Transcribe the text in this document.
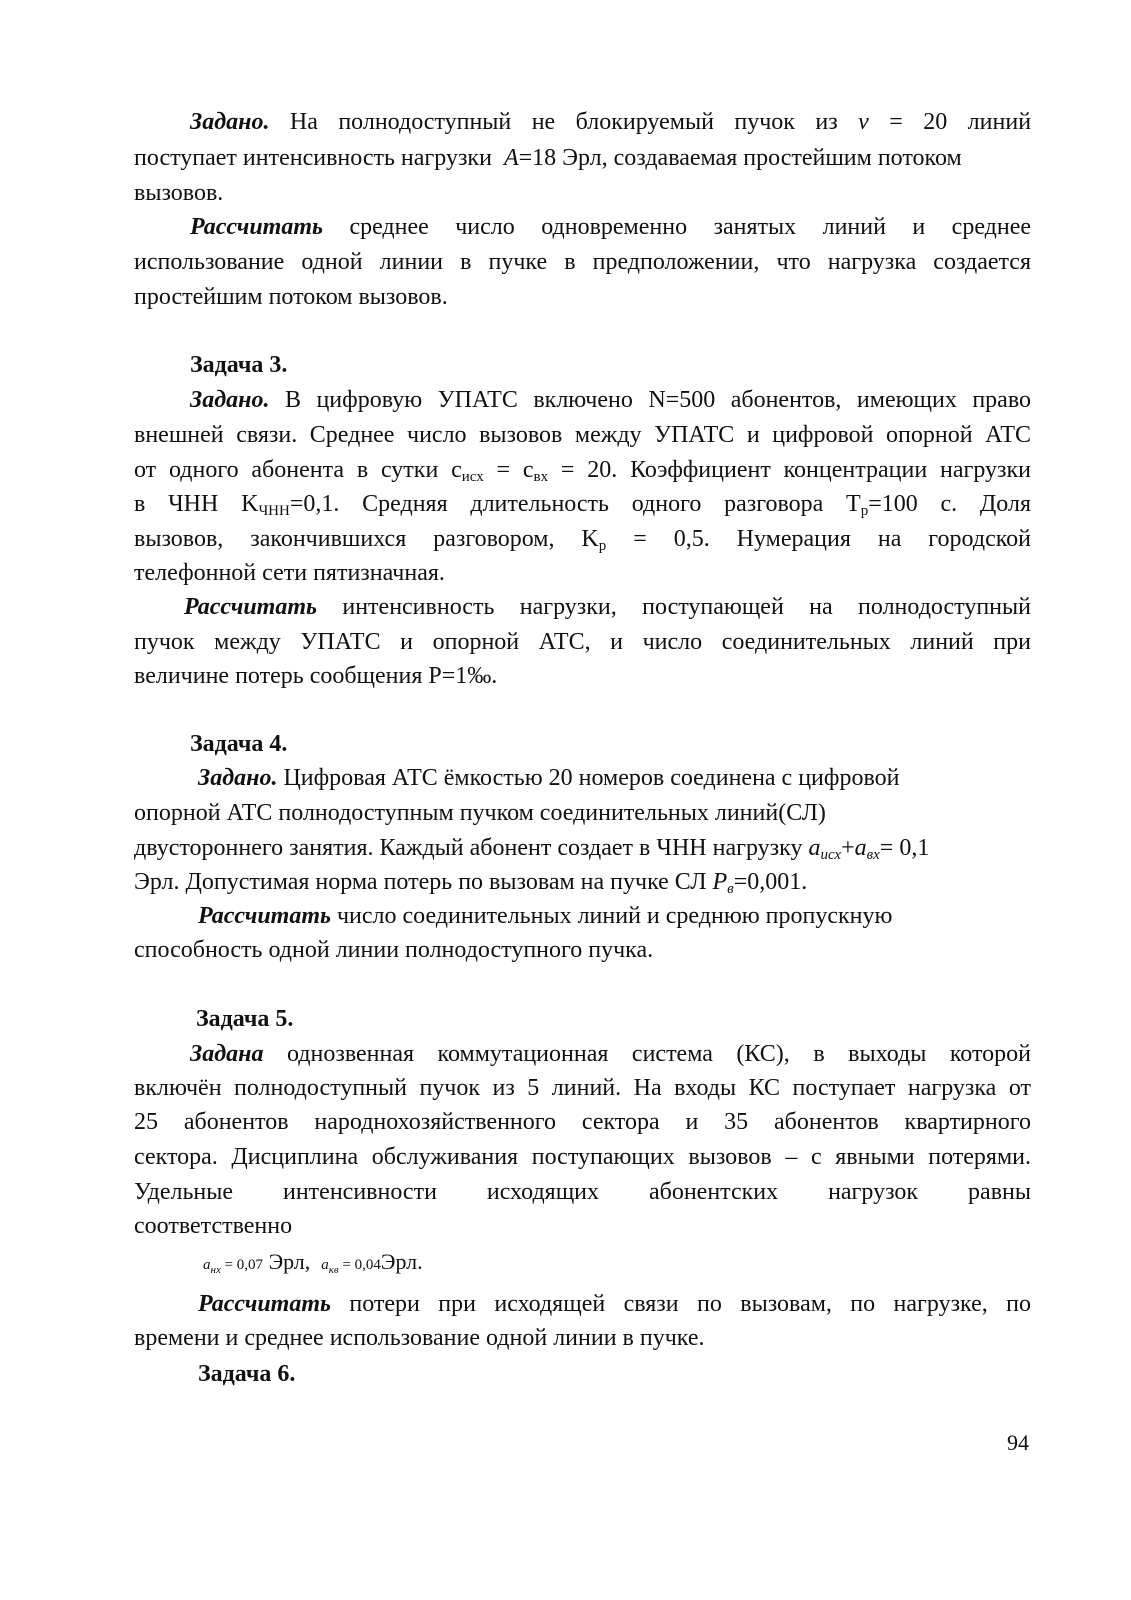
Задано. На полнодоступный не блокируемый пучок из v = 20 линий
поступает интенсивность нагрузки A=18 Эрл, создаваемая простейшим потоком
вызовов.
Рассчитать среднее число одновременно занятых линий и среднее
использование одной линии в пучке в предположении, что нагрузка создается
простейшим потоком вызовов.
Задача 3.
Задано. В цифровую УПАТС включено N=500 абонентов, имеющих право
внешней связи. Среднее число вызовов между УПАТС и цифровой опорной АТС
от одного абонента в сутки $c_{исх} = c_{вх} = 20$. Коэффициент концентрации нагрузки
в ЧНН $K_{ЧНН}=0,1$. Средняя длительность одного разговора $T_p=100$ с. Доля
вызовов, закончившихся разговором, $K_p = 0,5$. Нумерация на городской
телефонной сети пятизначная.
Рассчитать интенсивность нагрузки, поступающей на полнодоступный
пучок между УПАТС и опорной АТС, и число соединительных линий при
величине потерь сообщения P=1‰.
Задача 4.
Задано. Цифровая АТС ёмкостью 20 номеров соединена с цифровой
опорной АТС полнодоступным пучком соединительных линий(СЛ)
двустороннего занятия. Каждый абонент создает в ЧНН нагрузку $a_{исх}+a_{вх}= 0,1$
Эрл. Допустимая норма потерь по вызовам на пучке СЛ $P_в=0,001$.
Рассчитать число соединительных линий и среднюю пропускную
способность одной линии полнодоступного пучка.
Задача 5.
Задана однозвенная коммутационная система (КС), в выходы которой
включён полнодоступный пучок из 5 линий. На входы КС поступает нагрузка от
25 абонентов народнохозяйственного сектора и 35 абонентов квартирного
сектора. Дисциплина обслуживания поступающих вызовов – с явными потерями.
Удельные интенсивности исходящих абонентских нагрузок равны
соответственно
aнх = 0,07 Эрл,  aкв = 0,04Эрл.
Рассчитать потери при исходящей связи по вызовам, по нагрузке, по
времени и среднее использование одной линии в пучке.
Задача 6.
94
